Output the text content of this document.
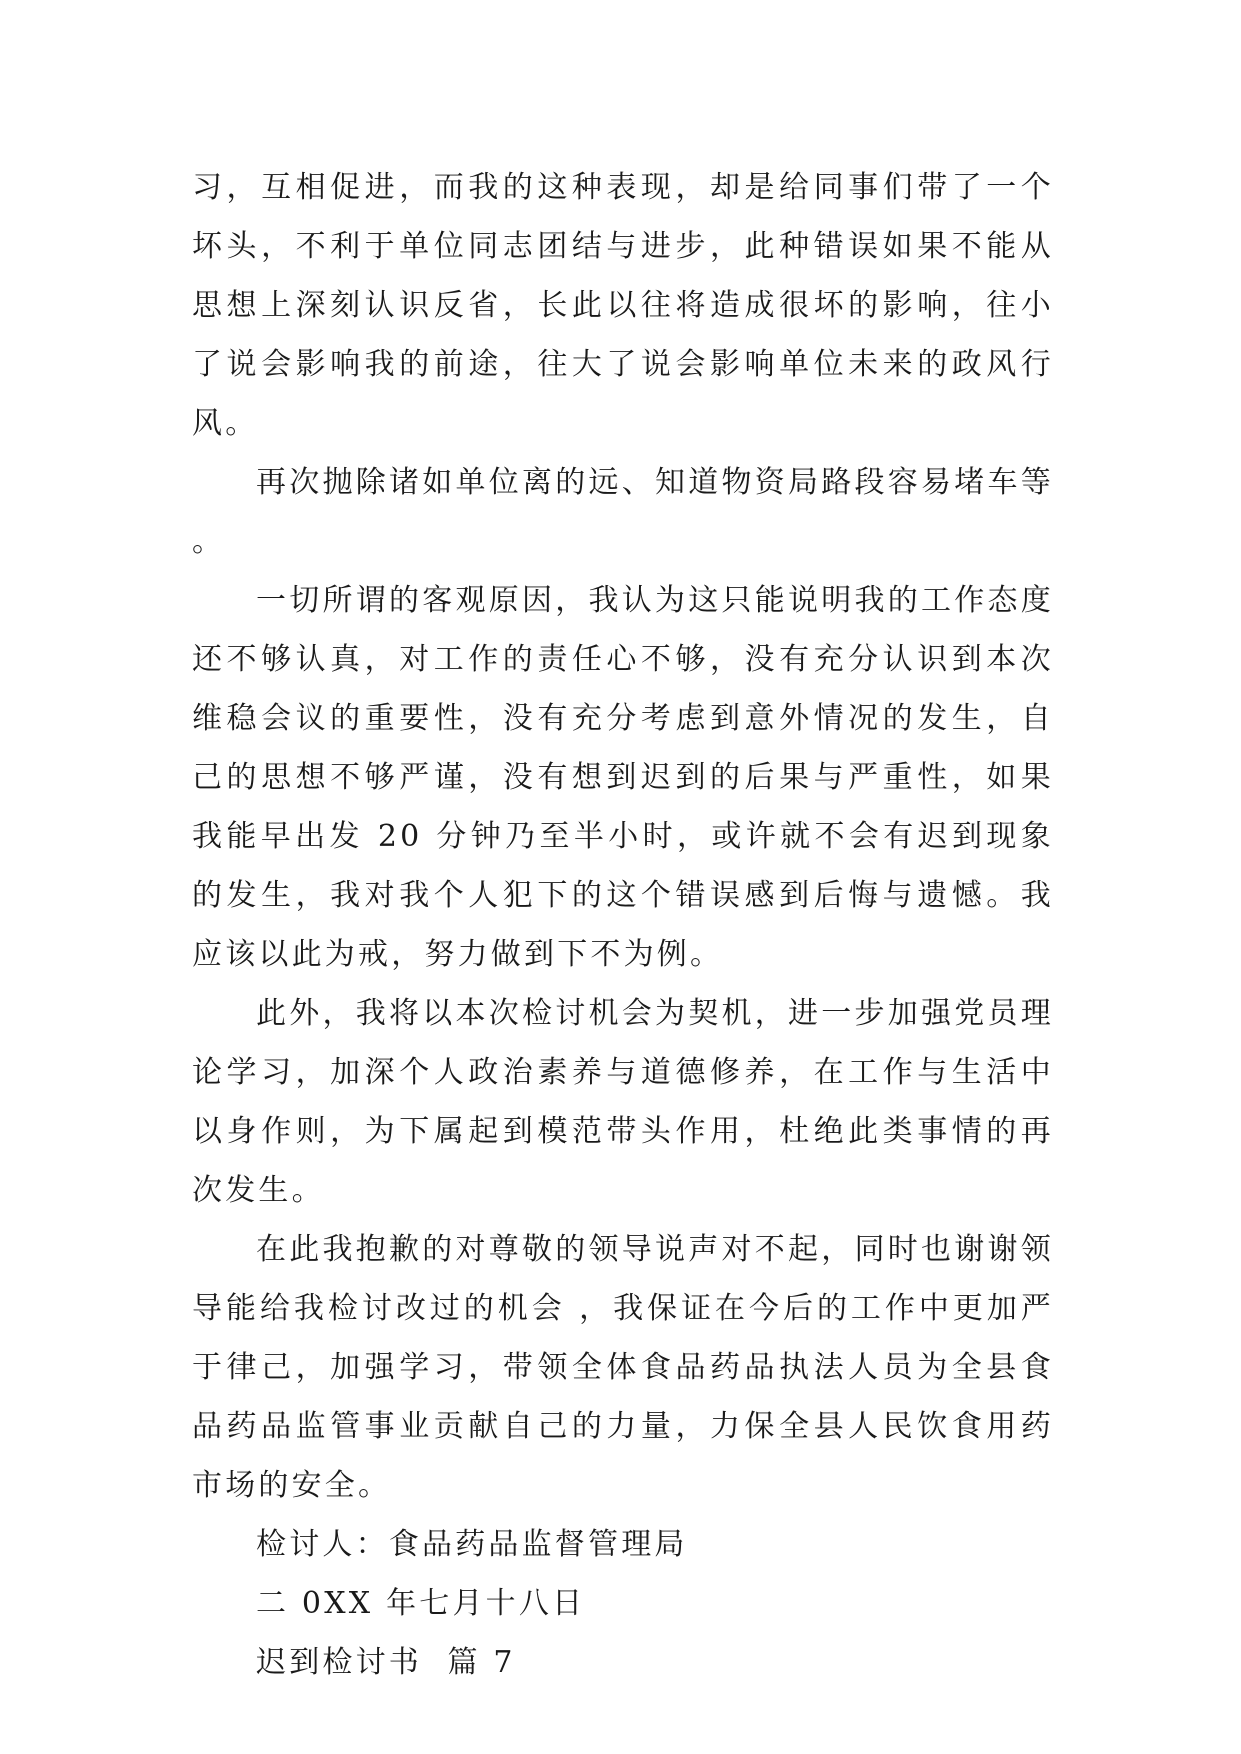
习，互相促进，而我的这种表现，却是给同事们带了一个坏头，不利于单位同志团结与进步，此种错误如果不能从思想上深刻认识反省，长此以往将造成很坏的影响，往小了说会影响我的前途，往大了说会影响单位未来的政风行风。

再次抛除诸如单位离的远、知道物资局路段容易堵车等。

一切所谓的客观原因，我认为这只能说明我的工作态度还不够认真，对工作的责任心不够，没有充分认识到本次维稳会议的重要性，没有充分考虑到意外情况的发生，自己的思想不够严谨，没有想到迟到的后果与严重性，如果我能早出发 20 分钟乃至半小时，或许就不会有迟到现象的发生，我对我个人犯下的这个错误感到后悔与遗憾。我应该以此为戒，努力做到下不为例。

此外，我将以本次检讨机会为契机，进一步加强党员理论学习，加深个人政治素养与道德修养，在工作与生活中以身作则，为下属起到模范带头作用，杜绝此类事情的再次发生。

在此我抱歉的对尊敬的领导说声对不起，同时也谢谢领导能给我检讨改过的机会 ，我保证在今后的工作中更加严于律己，加强学习，带领全体食品药品执法人员为全县食品药品监管事业贡献自己的力量，力保全县人民饮食用药市场的安全。

检讨人：食品药品监督管理局

二 0XX 年七月十八日

迟到检讨书  篇 7
